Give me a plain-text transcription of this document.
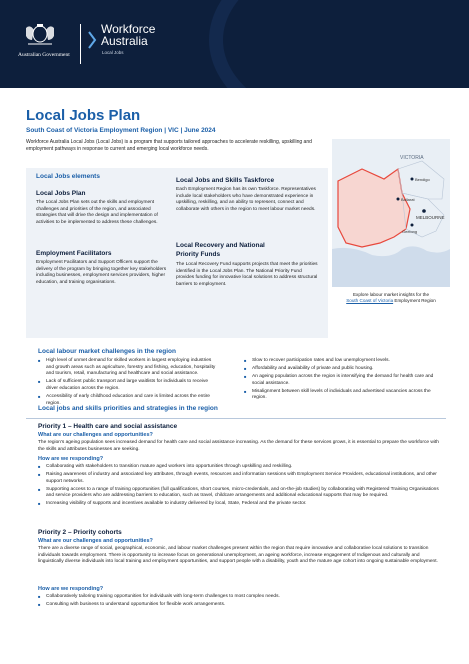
Australian Government
Workforce
Australia
Local Jobs
Local Jobs Plan
South Coast of Victoria Employment Region | VIC | June 2024
Workforce Australia Local Jobs (Local Jobs) is a program that supports tailored approaches to accelerate reskilling, upskilling and employment pathways in response to current and emerging local workforce needs.
Local Jobs elements
Local Jobs Plan
The Local Jobs Plan sets out the skills and employment challenges and priorities of the region, and associated strategies that will drive the design and implementation of activities to be implemented to address these challenges.
Employment Facilitators
Employment Facilitators and Support Officers support the delivery of the program by bringing together key stakeholders including businesses, employment services providers, higher education, and training organisations.
Local Jobs and Skills Taskforce
Each Employment Region has its own Taskforce. Representatives include local stakeholders who have demonstrated experience in upskilling, reskilling, and an ability to represent, connect and collaborate with others in the region to meet labour market needs.
Local Recovery and National
Priority Funds
The Local Recovery Fund supports projects that meet the priorities identified in the Local Jobs Plan. The National Priority Fund provides funding for innovative local solutions to address structural barriers to employment.
VICTORIA
Bendigo
Ballarat
MELBOURNE
Geelong
Explore labour market insights for the
South Coast of Victoria Employment Region
Local labour market challenges in the region
■ High level of unmet demand for skilled workers in largest employing industries and growth areas such as agriculture, forestry and fishing, education, hospitality and tourism, retail, manufacturing and healthcare and social assistance.
■ Lack of sufficient public transport and large waitlists for individuals to receive driver education across the region.
■ Accessibility of early childhood education and care is limited across the entire region.
■ Slow to recover participation rates and low unemployment levels.
■ Affordability and availability of private and public housing.
■ An ageing population across the region is intensifying the demand for health care and social assistance.
■ Misalignment between skill levels of individuals and advertised vacancies across the region.
Local jobs and skills priorities and strategies in the region
Priority 1 – Health care and social assistance
What are our challenges and opportunities?
The region's ageing population sees increased demand for health care and social assistance increasing. As the demand for these services grows, it is essential to prepare the workforce with the skills and attributes businesses are seeking.
How are we responding?
■ Collaborating with stakeholders to transition mature aged workers into opportunities through upskilling and reskilling.
■ Raising awareness of industry and associated key attributes, through events, resources and information sessions with Employment Service Providers, educational institutions, and other support networks.
■ Supporting access to a range of training opportunities (full qualifications, short courses, micro-credentials, and on-the-job studies) by collaborating with Registered Training Organisations and service providers who are addressing barriers to education, such as travel, childcare arrangements and additional educational supports that may be required.
■ Increasing visibility of supports and incentives available to industry delivered by local, State, Federal and the private sector.
Priority 2 – Priority cohorts
What are our challenges and opportunities?
There are a diverse range of social, geographical, economic, and labour market challenges present within the region that require innovative and collaborative local solutions to transition individuals towards employment. There is opportunity to increase focus on generational unemployment, an ageing workforce, increase engagement of Indigenous and culturally and linguistically diverse individuals into local training and employment opportunities, and support people with a disability, youth and the mature age cohort into ongoing sustainable employment.
How are we responding?
■ Collaboratively tailoring training opportunities for individuals with long-term challenges to most complex needs.
■ Consulting with business to understand opportunities for flexible work arrangements.
